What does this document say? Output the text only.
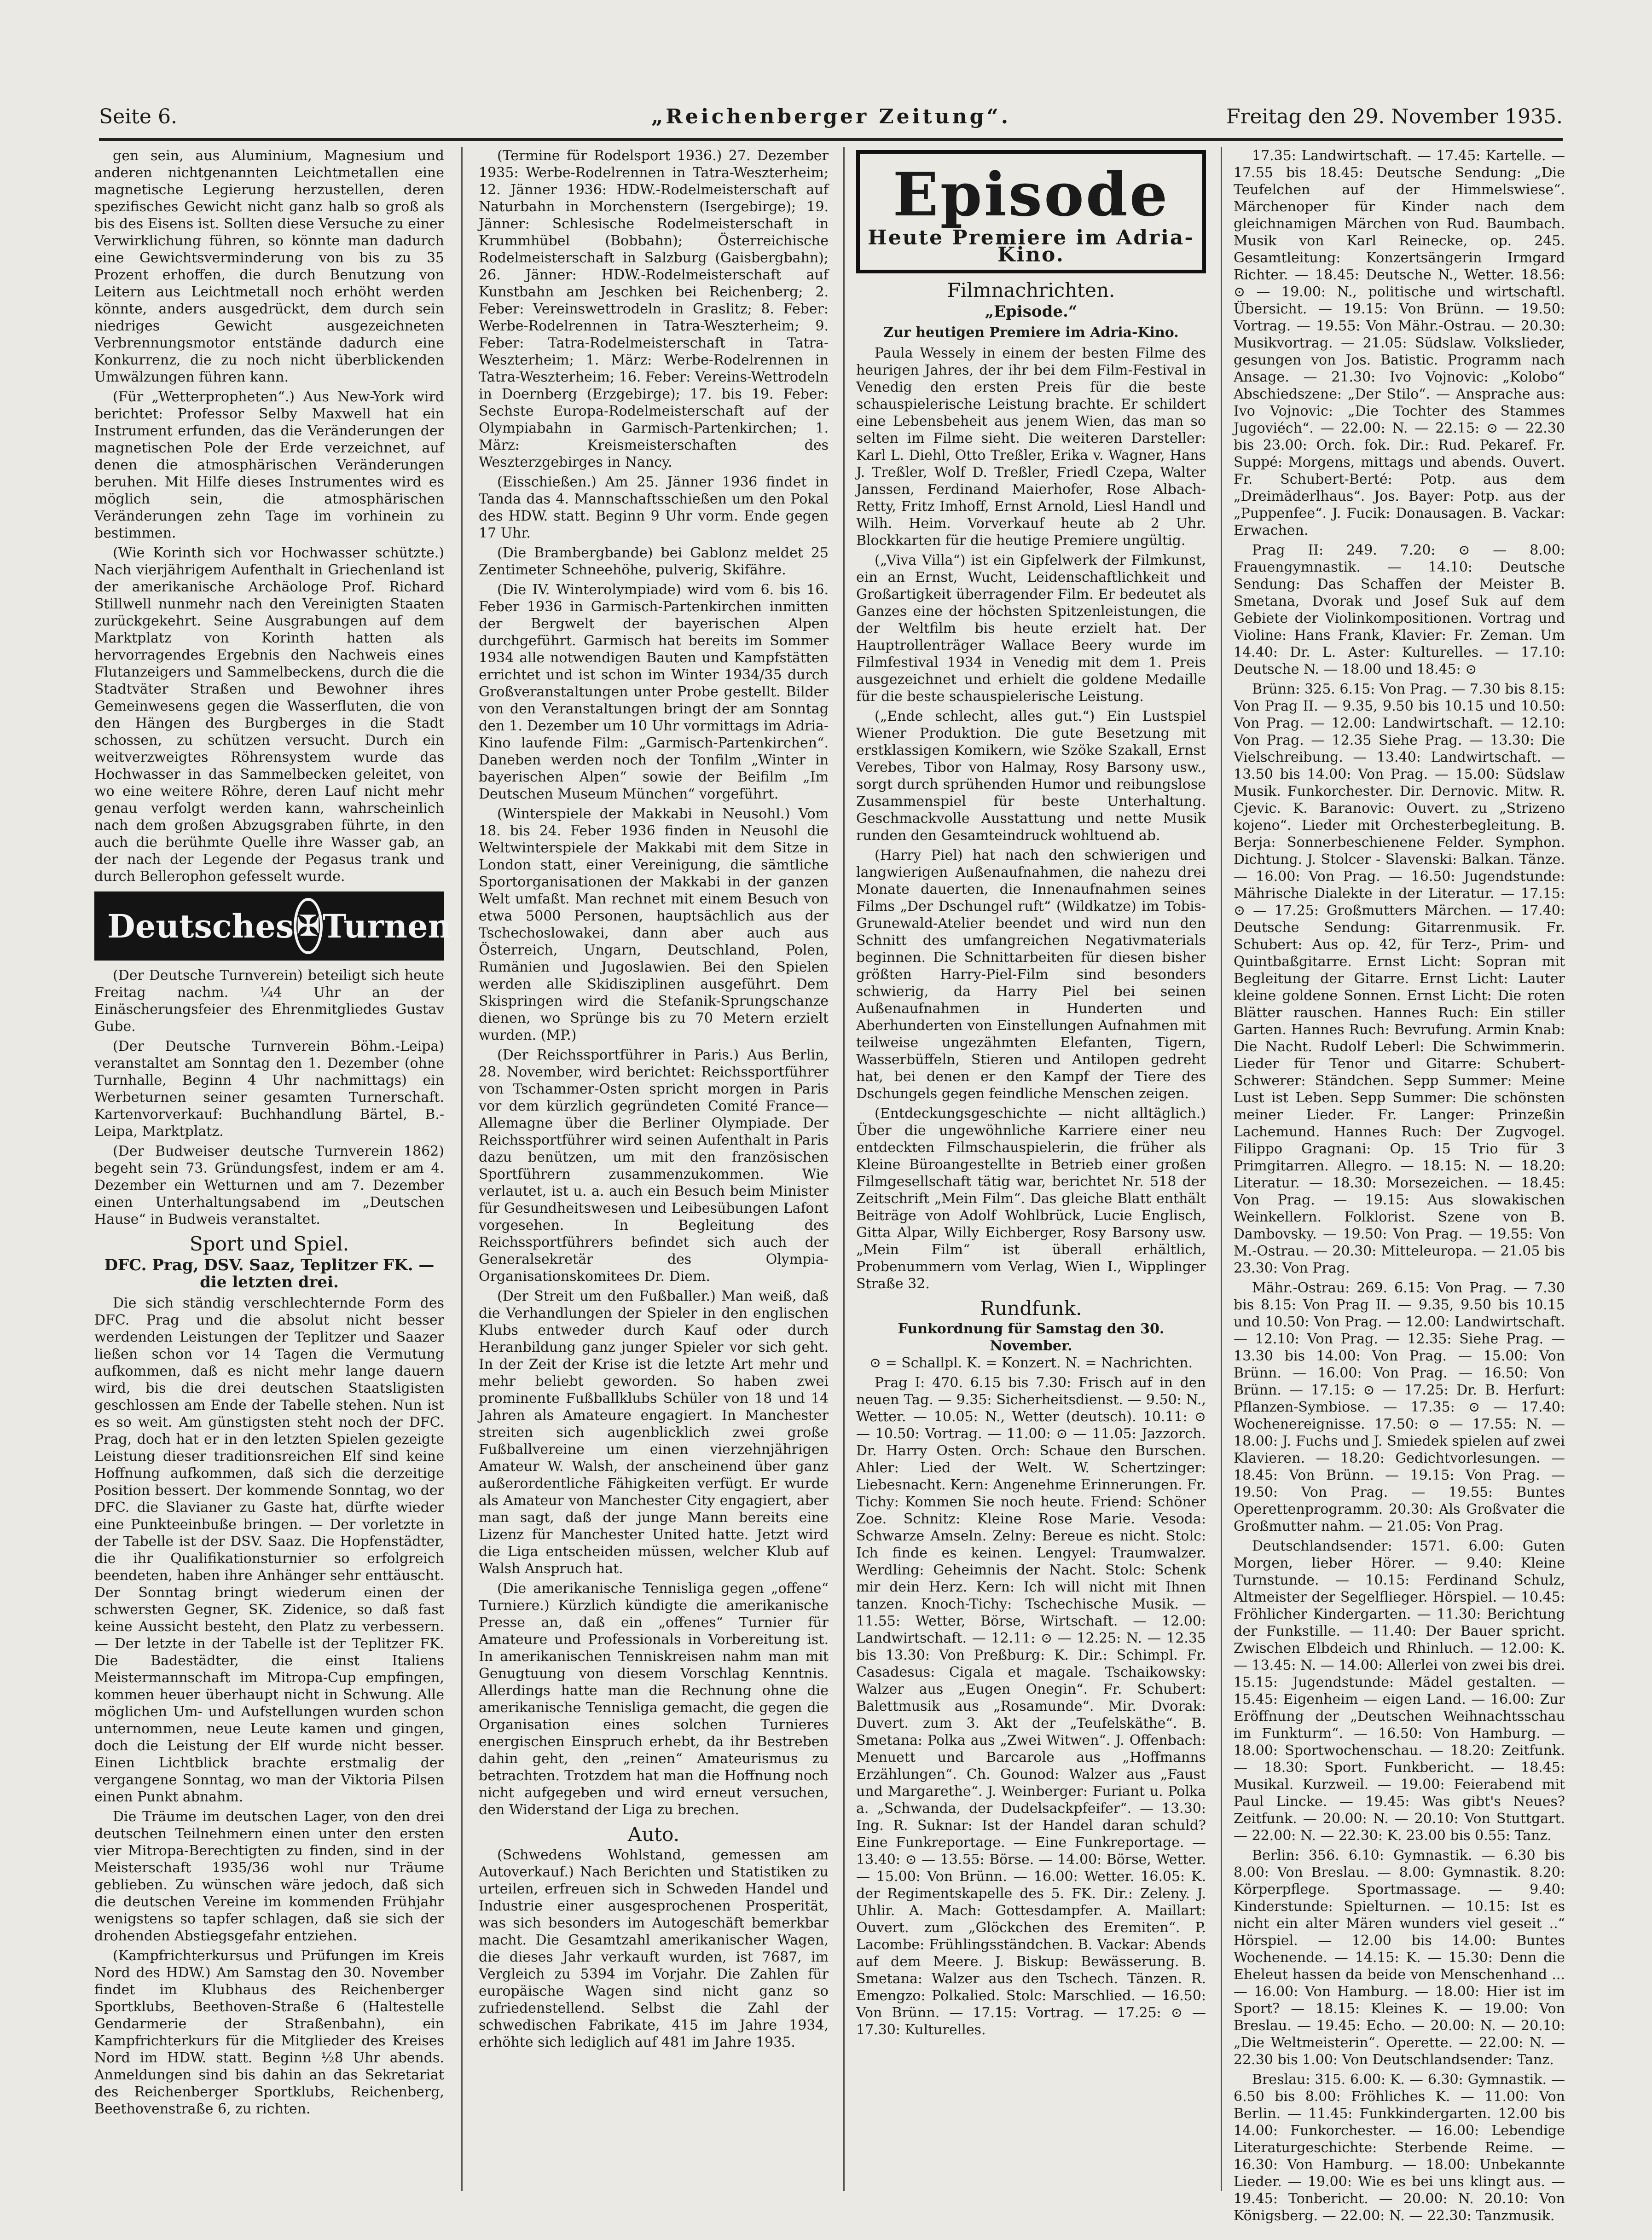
Seite 6.	„Reichenberger Zeitung“.	Freitag den 29. November 1935.

gen sein, aus Aluminium, Magnesium und anderen nichtgenannten Leichtmetallen eine magnetische Legierung herzustellen, deren spezifisches Gewicht nicht ganz halb so groß als bis des Eisens ist. Sollten diese Versuche zu einer Verwirklichung führen, so könnte man dadurch eine Gewichtsverminderung von bis zu 35 Prozent erhoffen, die durch Benutzung von Leitern aus Leichtmetall noch erhöht werden könnte, anders ausgedrückt, dem durch sein niedriges Gewicht ausgezeichneten Verbrennungsmotor entstände dadurch eine Konkurrenz, die zu noch nicht überblickenden Umwälzungen führen kann.

(Für „Wetterpropheten“.) Aus New-York wird berichtet: Professor Selby Maxwell hat ein Instrument erfunden, das die Veränderungen der magnetischen Pole der Erde verzeichnet, auf denen die atmosphärischen Veränderungen beruhen. Mit Hilfe dieses Instrumentes wird es möglich sein, die atmosphärischen Veränderungen zehn Tage im vorhinein zu bestimmen.

(Wie Korinth sich vor Hochwasser schützte.) Nach vierjährigem Aufenthalt in Griechenland ist der amerikanische Archäologe Prof. Richard Stillwell nunmehr nach den Vereinigten Staaten zurückgekehrt. Seine Ausgrabungen auf dem Marktplatz von Korinth hatten als hervorragendes Ergebnis den Nachweis eines Flutanzeigers und Sammelbeckens, durch die die Stadtväter Straßen und Bewohner ihres Gemeinwesens gegen die Wasserfluten, die von den Hängen des Burgberges in die Stadt schossen, zu schützen versucht. Durch ein weitverzweigtes Röhrensystem wurde das Hochwasser in das Sammelbecken geleitet, von wo eine weitere Röhre, deren Lauf nicht mehr genau verfolgt werden kann, wahrscheinlich nach dem großen Abzugsgraben führte, in den auch die berühmte Quelle ihre Wasser gab, an der nach der Legende der Pegasus trank und durch Bellerophon gefesselt wurde.

Deutsches ✠ Turnen

(Der Deutsche Turnverein) beteiligt sich heute Freitag nachm. ¼4 Uhr an der Einäscherungsfeier des Ehrenmitgliedes Gustav Gube.

(Der Deutsche Turnverein Böhm.-Leipa) veranstaltet am Sonntag den 1. Dezember (ohne Turnhalle, Beginn 4 Uhr nachmittags) ein Werbeturnen seiner gesamten Turnerschaft. Kartenvorverkauf: Buchhandlung Bärtel, B.-Leipa, Marktplatz.

(Der Budweiser deutsche Turnverein 1862) begeht sein 73. Gründungsfest, indem er am 4. Dezember ein Wetturnen und am 7. Dezember einen Unterhaltungsabend im „Deutschen Hause“ in Budweis veranstaltet.

Sport und Spiel.
DFC. Prag, DSV. Saaz, Teplitzer FK. — die letzten drei.

Die sich ständig verschlechternde Form des DFC. Prag und die absolut nicht besser werdenden Leistungen der Teplitzer und Saazer ließen schon vor 14 Tagen die Vermutung aufkommen, daß es nicht mehr lange dauern wird, bis die drei deutschen Staatsligisten geschlossen am Ende der Tabelle stehen. Nun ist es so weit. Am günstigsten steht noch der DFC. Prag, doch hat er in den letzten Spielen gezeigte Leistung dieser traditionsreichen Elf sind keine Hoffnung aufkommen, daß sich die derzeitige Position bessert. Der kommende Sonntag, wo der DFC. die Slavianer zu Gaste hat, dürfte wieder eine Punkteeinbuße bringen. — Der vorletzte in der Tabelle ist der DSV. Saaz. Die Hopfenstädter, die ihr Qualifikationsturnier so erfolgreich beendeten, haben ihre Anhänger sehr enttäuscht. Der Sonntag bringt wiederum einen der schwersten Gegner, SK. Zidenice, so daß fast keine Aussicht besteht, den Platz zu verbessern. — Der letzte in der Tabelle ist der Teplitzer FK. Die Badestädter, die einst Italiens Meistermannschaft im Mitropa-Cup empfingen, kommen heuer überhaupt nicht in Schwung. Alle möglichen Um- und Aufstellungen wurden schon unternommen, neue Leute kamen und gingen, doch die Leistung der Elf wurde nicht besser. Einen Lichtblick brachte erstmalig der vergangene Sonntag, wo man der Viktoria Pilsen einen Punkt abnahm.

Die Träume im deutschen Lager, von den drei deutschen Teilnehmern einen unter den ersten vier Mitropa-Berechtigten zu finden, sind in der Meisterschaft 1935/36 wohl nur Träume geblieben. Zu wünschen wäre jedoch, daß sich die deutschen Vereine im kommenden Frühjahr wenigstens so tapfer schlagen, daß sie sich der drohenden Abstiegsgefahr entziehen.

(Kampfrichterkursus und Prüfungen im Kreis Nord des HDW.) Am Samstag den 30. November findet im Klubhaus des Reichenberger Sportklubs, Beethoven-Straße 6 (Haltestelle Gendarmerie der Straßenbahn), ein Kampfrichterkurs für die Mitglieder des Kreises Nord im HDW. statt. Beginn ½8 Uhr abends. Anmeldungen sind bis dahin an das Sekretariat des Reichenberger Sportklubs, Reichenberg, Beethovenstraße 6, zu richten.

(Termine für Rodelsport 1936.) 27. Dezember 1935: Werbe-Rodelrennen in Tatra-Weszterheim; 12. Jänner 1936: HDW.-Rodelmeisterschaft auf Naturbahn in Morchenstern (Isergebirge); 19. Jänner: Schlesische Rodelmeisterschaft in Krummhübel (Bobbahn); Österreichische Rodelmeisterschaft in Salzburg (Gaisbergbahn); 26. Jänner: HDW.-Rodelmeisterschaft auf Kunstbahn am Jeschken bei Reichenberg; 2. Feber: Vereinswettrodeln in Graslitz; 8. Feber: Werbe-Rodelrennen in Tatra-Weszterheim; 9. Feber: Tatra-Rodelmeisterschaft in Tatra-Weszterheim; 1. März: Werbe-Rodelrennen in Tatra-Weszterheim; 16. Feber: Vereins-Wettrodeln in Doernberg (Erzgebirge); 17. bis 19. Feber: Sechste Europa-Rodelmeisterschaft auf der Olympiabahn in Garmisch-Partenkirchen; 1. März: Kreismeisterschaften des Weszterzgebirges in Nancy.

(Eisschießen.) Am 25. Jänner 1936 findet in Tanda das 4. Mannschaftsschießen um den Pokal des HDW. statt. Beginn 9 Uhr vorm. Ende gegen 17 Uhr.

(Die Brambergbande) bei Gablonz meldet 25 Zentimeter Schneehöhe, pulverig, Skifähre.

(Die IV. Winterolympiade) wird vom 6. bis 16. Feber 1936 in Garmisch-Partenkirchen inmitten der Bergwelt der bayerischen Alpen durchgeführt. Garmisch hat bereits im Sommer 1934 alle notwendigen Bauten und Kampfstätten errichtet und ist schon im Winter 1934/35 durch Großveranstaltungen unter Probe gestellt. Bilder von den Veranstaltungen bringt der am Sonntag den 1. Dezember um 10 Uhr vormittags im Adria-Kino laufende Film: „Garmisch-Partenkirchen“. Daneben werden noch der Tonfilm „Winter in bayerischen Alpen“ sowie der Beifilm „Im Deutschen Museum München“ vorgeführt.

(Winterspiele der Makkabi in Neusohl.) Vom 18. bis 24. Feber 1936 finden in Neusohl die Weltwinterspiele der Makkabi mit dem Sitze in London statt, einer Vereinigung, die sämtliche Sportorganisationen der Makkabi in der ganzen Welt umfaßt. Man rechnet mit einem Besuch von etwa 5000 Personen, hauptsächlich aus der Tschechoslowakei, dann aber auch aus Österreich, Ungarn, Deutschland, Polen, Rumänien und Jugoslawien. Bei den Spielen werden alle Skidisziplinen ausgeführt. Dem Skispringen wird die Stefanik-Sprungschanze dienen, wo Sprünge bis zu 70 Metern erzielt wurden. (MP.)

(Der Reichssportführer in Paris.) Aus Berlin, 28. November, wird berichtet: Reichssportführer von Tschammer-Osten spricht morgen in Paris vor dem kürzlich gegründeten Comité France—Allemagne über die Berliner Olympiade. Der Reichssportführer wird seinen Aufenthalt in Paris dazu benützen, um mit den französischen Sportführern zusammenzukommen. Wie verlautet, ist u. a. auch ein Besuch beim Minister für Gesundheitswesen und Leibesübungen Lafont vorgesehen. In Begleitung des Reichssportführers befindet sich auch der Generalsekretär des Olympia-Organisationskomitees Dr. Diem.

(Der Streit um den Fußballer.) Man weiß, daß die Verhandlungen der Spieler in den englischen Klubs entweder durch Kauf oder durch Heranbildung ganz junger Spieler vor sich geht. In der Zeit der Krise ist die letzte Art mehr und mehr beliebt geworden. So haben zwei prominente Fußballklubs Schüler von 18 und 14 Jahren als Amateure engagiert. In Manchester streiten sich augenblicklich zwei große Fußballvereine um einen vierzehnjährigen Amateur W. Walsh, der anscheinend über ganz außerordentliche Fähigkeiten verfügt. Er wurde als Amateur von Manchester City engagiert, aber man sagt, daß der junge Mann bereits eine Lizenz für Manchester United hatte. Jetzt wird die Liga entscheiden müssen, welcher Klub auf Walsh Anspruch hat.

(Die amerikanische Tennisliga gegen „offene“ Turniere.) Kürzlich kündigte die amerikanische Presse an, daß ein „offenes“ Turnier für Amateure und Professionals in Vorbereitung ist. In amerikanischen Tenniskreisen nahm man mit Genugtuung von diesem Vorschlag Kenntnis. Allerdings hatte man die Rechnung ohne die amerikanische Tennisliga gemacht, die gegen die Organisation eines solchen Turnieres energischen Einspruch erhebt, da ihr Bestreben dahin geht, den „reinen“ Amateurismus zu betrachten. Trotzdem hat man die Hoffnung noch nicht aufgegeben und wird erneut versuchen, den Widerstand der Liga zu brechen.

Auto.

(Schwedens Wohlstand, gemessen am Autoverkauf.) Nach Berichten und Statistiken zu urteilen, erfreuen sich in Schweden Handel und Industrie einer ausgesprochenen Prosperität, was sich besonders im Autogeschäft bemerkbar macht. Die Gesamtzahl amerikanischer Wagen, die dieses Jahr verkauft wurden, ist 7687, im Vergleich zu 5394 im Vorjahr. Die Zahlen für europäische Wagen sind nicht ganz so zufriedenstellend. Selbst die Zahl der schwedischen Fabrikate, 415 im Jahre 1934, erhöhte sich lediglich auf 481 im Jahre 1935.

Episode
Heute Premiere im Adria-Kino.
Filmnachrichten.
„Episode.“
Zur heutigen Premiere im Adria-Kino.

Paula Wessely in einem der besten Filme des heurigen Jahres, der ihr bei dem Film-Festival in Venedig den ersten Preis für die beste schauspielerische Leistung brachte. Er schildert eine Lebensbeheit aus jenem Wien, das man so selten im Filme sieht. Die weiteren Darsteller: Karl L. Diehl, Otto Treßler, Erika v. Wagner, Hans J. Treßler, Wolf D. Treßler, Friedl Czepa, Walter Janssen, Ferdinand Maierhofer, Rose Albach-Retty, Fritz Imhoff, Ernst Arnold, Liesl Handl und Wilh. Heim. Vorverkauf heute ab 2 Uhr. Blockkarten für die heutige Premiere ungültig.

(„Viva Villa“) ist ein Gipfelwerk der Filmkunst, ein an Ernst, Wucht, Leidenschaftlichkeit und Großartigkeit überragender Film. Er bedeutet als Ganzes eine der höchsten Spitzenleistungen, die der Weltfilm bis heute erzielt hat. Der Hauptrollenträger Wallace Beery wurde im Filmfestival 1934 in Venedig mit dem 1. Preis ausgezeichnet und erhielt die goldene Medaille für die beste schauspielerische Leistung.

(„Ende schlecht, alles gut.“) Ein Lustspiel Wiener Produktion. Die gute Besetzung mit erstklassigen Komikern, wie Szöke Szakall, Ernst Verebes, Tibor von Halmay, Rosy Barsony usw., sorgt durch sprühenden Humor und reibungslose Zusammenspiel für beste Unterhaltung. Geschmackvolle Ausstattung und nette Musik runden den Gesamteindruck wohltuend ab.

(Harry Piel) hat nach den schwierigen und langwierigen Außenaufnahmen, die nahezu drei Monate dauerten, die Innenaufnahmen seines Films „Der Dschungel ruft“ (Wildkatze) im Tobis-Grunewald-Atelier beendet und wird nun den Schnitt des umfangreichen Negativmaterials beginnen. Die Schnittarbeiten für diesen bisher größten Harry-Piel-Film sind besonders schwierig, da Harry Piel bei seinen Außenaufnahmen in Hunderten und Aberhunderten von Einstellungen Aufnahmen mit teilweise ungezähmten Elefanten, Tigern, Wasserbüffeln, Stieren und Antilopen gedreht hat, bei denen er den Kampf der Tiere des Dschungels gegen feindliche Menschen zeigen.

(Entdeckungsgeschichte — nicht alltäglich.) Über die ungewöhnliche Karriere einer neu entdeckten Filmschauspielerin, die früher als Kleine Büroangestellte in Betrieb einer großen Filmgesellschaft tätig war, berichtet Nr. 518 der Zeitschrift „Mein Film“. Das gleiche Blatt enthält Beiträge von Adolf Wohlbrück, Lucie Englisch, Gitta Alpar, Willy Eichberger, Rosy Barsony usw. „Mein Film“ ist überall erhältlich, Probenummern vom Verlag, Wien I., Wipplinger Straße 32.

Rundfunk.
Funkordnung für Samstag den 30. November.
⊙ = Schallpl. K. = Konzert. N. = Nachrichten.

Prag I: 470. 6.15 bis 7.30: Frisch auf in den neuen Tag. — 9.35: Sicherheitsdienst. — 9.50: N., Wetter. — 10.05: N., Wetter (deutsch). 10.11: ⊙ — 10.50: Vortrag. — 11.00: ⊙ — 11.05: Jazzorch. Dr. Harry Osten. Orch: Schaue den Burschen. Ahler: Lied der Welt. W. Schertzinger: Liebesnacht. Kern: Angenehme Erinnerungen. Fr. Tichy: Kommen Sie noch heute. Friend: Schöner Zoe. Schnitz: Kleine Rose Marie. Vesoda: Schwarze Amseln. Zelny: Bereue es nicht. Stolc: Ich finde es keinen. Lengyel: Traumwalzer. Werdling: Geheimnis der Nacht. Stolc: Schenk mir dein Herz. Kern: Ich will nicht mit Ihnen tanzen. Knoch-Tichy: Tschechische Musik. — 11.55: Wetter, Börse, Wirtschaft. — 12.00: Landwirtschaft. — 12.11: ⊙ — 12.25: N. — 12.35 bis 13.30: Von Preßburg: K. Dir.: Schimpl. Fr. Casadesus: Cigala et magale. Tschaikowsky: Walzer aus „Eugen Onegin“. Fr. Schubert: Balettmusik aus „Rosamunde“. Mir. Dvorak: Duvert. zum 3. Akt der „Teufelskäthe“. B. Smetana: Polka aus „Zwei Witwen“. J. Offenbach: Menuett und Barcarole aus „Hoffmanns Erzählungen“. Ch. Gounod: Walzer aus „Faust und Margarethe“. J. Weinberger: Furiant u. Polka a. „Schwanda, der Dudelsackpfeifer“. — 13.30: Ing. R. Suknar: Ist der Handel daran schuld? Eine Funkreportage. — Eine Funkreportage. — 13.40: ⊙ — 13.55: Börse. — 14.00: Börse, Wetter. — 15.00: Von Brünn. — 16.00: Wetter. 16.05: K. der Regimentskapelle des 5. FK. Dir.: Zeleny. J. Uhlir. A. Mach: Gottesdampfer. A. Maillart: Ouvert. zum „Glöckchen des Eremiten“. P. Lacombe: Frühlingsständchen. B. Vackar: Abends auf dem Meere. J. Biskup: Bewässerung. B. Smetana: Walzer aus den Tschech. Tänzen. R. Emengzo: Polkalied. Stolc: Marschlied. — 16.50: Von Brünn. — 17.15: Vortrag. — 17.25: ⊙ — 17.30: Kulturelles.

17.35: Landwirtschaft. — 17.45: Kartelle. — 17.55 bis 18.45: Deutsche Sendung: „Die Teufelchen auf der Himmelswiese“. Märchenoper für Kinder nach dem gleichnamigen Märchen von Rud. Baumbach. Musik von Karl Reinecke, op. 245. Gesamtleitung: Konzertsängerin Irmgard Richter. — 18.45: Deutsche N., Wetter. 18.56: ⊙ — 19.00: N., politische und wirtschaftl. Übersicht. — 19.15: Von Brünn. — 19.50: Vortrag. — 19.55: Von Mähr.-Ostrau. — 20.30: Musikvortrag. — 21.05: Südslaw. Volkslieder, gesungen von Jos. Batistic. Programm nach Ansage. — 21.30: Ivo Vojnovic: „Kolobo“ Abschiedszene: „Der Stilo“. — Ansprache aus: Ivo Vojnovic: „Die Tochter des Stammes Jugoviéch“. — 22.00: N. — 22.15: ⊙ — 22.30 bis 23.00: Orch. fok. Dir.: Rud. Pekaref. Fr. Suppé: Morgens, mittags und abends. Ouvert. Fr. Schubert-Berté: Potp. aus dem „Dreimäderlhaus“. Jos. Bayer: Potp. aus der „Puppenfee“. J. Fucik: Donausagen. B. Vackar: Erwachen.

Prag II: 249. 7.20: ⊙ — 8.00: Frauengymnastik. — 14.10: Deutsche Sendung: Das Schaffen der Meister B. Smetana, Dvorak und Josef Suk auf dem Gebiete der Violinkompositionen. Vortrag und Violine: Hans Frank, Klavier: Fr. Zeman. Um 14.40: Dr. L. Aster: Kulturelles. — 17.10: Deutsche N. — 18.00 und 18.45: ⊙

Brünn: 325. 6.15: Von Prag. — 7.30 bis 8.15: Von Prag II. — 9.35, 9.50 bis 10.15 und 10.50: Von Prag. — 12.00: Landwirtschaft. — 12.10: Von Prag. — 12.35 Siehe Prag. — 13.30: Die Vielschreibung. — 13.40: Landwirtschaft. — 13.50 bis 14.00: Von Prag. — 15.00: Südslaw Musik. Funkorchester. Dir. Dernovic. Mitw. R. Cjevic. K. Baranovic: Ouvert. zu „Strizeno kojeno“. Lieder mit Orchesterbegleitung. B. Berja: Sonnerbeschienene Felder. Symphon. Dichtung. J. Stolcer - Slavenski: Balkan. Tänze. — 16.00: Von Prag. — 16.50: Jugendstunde: Mährische Dialekte in der Literatur. — 17.15: ⊙ — 17.25: Großmutters Märchen. — 17.40: Deutsche Sendung: Gitarrenmusik. Fr. Schubert: Aus op. 42, für Terz-, Prim- und Quintbaßgitarre. Ernst Licht: Sopran mit Begleitung der Gitarre. Ernst Licht: Lauter kleine goldene Sonnen. Ernst Licht: Die roten Blätter rauschen. Hannes Ruch: Ein stiller Garten. Hannes Ruch: Bevrufung. Armin Knab: Die Nacht. Rudolf Leberl: Die Schwimmerin. Lieder für Tenor und Gitarre: Schubert-Schwerer: Ständchen. Sepp Summer: Meine Lust ist Leben. Sepp Summer: Die schönsten meiner Lieder. Fr. Langer: Prinzeßin Lachemund. Hannes Ruch: Der Zugvogel. Filippo Gragnani: Op. 15 Trio für 3 Primgitarren. Allegro. — 18.15: N. — 18.20: Literatur. — 18.30: Morsezeichen. — 18.45: Von Prag. — 19.15: Aus slowakischen Weinkellern. Folklorist. Szene von B. Dambovsky. — 19.50: Von Prag. — 19.55: Von M.-Ostrau. — 20.30: Mitteleuropa. — 21.05 bis 23.30: Von Prag.

Mähr.-Ostrau: 269. 6.15: Von Prag. — 7.30 bis 8.15: Von Prag II. — 9.35, 9.50 bis 10.15 und 10.50: Von Prag. — 12.00: Landwirtschaft. — 12.10: Von Prag. — 12.35: Siehe Prag. — 13.30 bis 14.00: Von Prag. — 15.00: Von Brünn. — 16.00: Von Prag. — 16.50: Von Brünn. — 17.15: ⊙ — 17.25: Dr. B. Herfurt: Pflanzen-Symbiose. — 17.35: ⊙ — 17.40: Wochenereignisse. 17.50: ⊙ — 17.55: N. — 18.00: J. Fuchs und J. Smiedek spielen auf zwei Klavieren. — 18.20: Gedichtvorlesungen. — 18.45: Von Brünn. — 19.15: Von Prag. — 19.50: Von Prag. — 19.55: Buntes Operettenprogramm. 20.30: Als Großvater die Großmutter nahm. — 21.05: Von Prag.

Deutschlandsender: 1571. 6.00: Guten Morgen, lieber Hörer. — 9.40: Kleine Turnstunde. — 10.15: Ferdinand Schulz, Altmeister der Segelflieger. Hörspiel. — 10.45: Fröhlicher Kindergarten. — 11.30: Berichtung der Funkstille. — 11.40: Der Bauer spricht. Zwischen Elbdeich und Rhinluch. — 12.00: K. — 13.45: N. — 14.00: Allerlei von zwei bis drei. 15.15: Jugendstunde: Mädel gestalten. — 15.45: Eigenheim — eigen Land. — 16.00: Zur Eröffnung der „Deutschen Weihnachtsschau im Funkturm“. — 16.50: Von Hamburg. — 18.00: Sportwochenschau. — 18.20: Zeitfunk. — 18.30: Sport. Funkbericht. — 18.45: Musikal. Kurzweil. — 19.00: Feierabend mit Paul Lincke. — 19.45: Was gibt's Neues? Zeitfunk. — 20.00: N. — 20.10: Von Stuttgart. — 22.00: N. — 22.30: K. 23.00 bis 0.55: Tanz.

Berlin: 356. 6.10: Gymnastik. — 6.30 bis 8.00: Von Breslau. — 8.00: Gymnastik. 8.20: Körperpflege. Sportmassage. — 9.40: Kinderstunde: Spielturnen. — 10.15: Ist es nicht ein alter Mären wunders viel geseit ..“ Hörspiel. — 12.00 bis 14.00: Buntes Wochenende. — 14.15: K. — 15.30: Denn die Eheleut hassen da beide von Menschenhand ... — 16.00: Von Hamburg. — 18.00: Hier ist im Sport? — 18.15: Kleines K. — 19.00: Von Breslau. — 19.45: Echo. — 20.00: N. — 20.10: „Die Weltmeisterin“. Operette. — 22.00: N. — 22.30 bis 1.00: Von Deutschlandsender: Tanz.

Breslau: 315. 6.00: K. — 6.30: Gymnastik. — 6.50 bis 8.00: Fröhliches K. — 11.00: Von Berlin. — 11.45: Funkkindergarten. 12.00 bis 14.00: Funkorchester. — 16.00: Lebendige Literaturgeschichte: Sterbende Reime. — 16.30: Von Hamburg. — 18.00: Unbekannte Lieder. — 19.00: Wie es bei uns klingt aus. — 19.45: Tonbericht. — 20.00: N. 20.10: Von Königsberg. — 22.00: N. — 22.30: Tanzmusik.
